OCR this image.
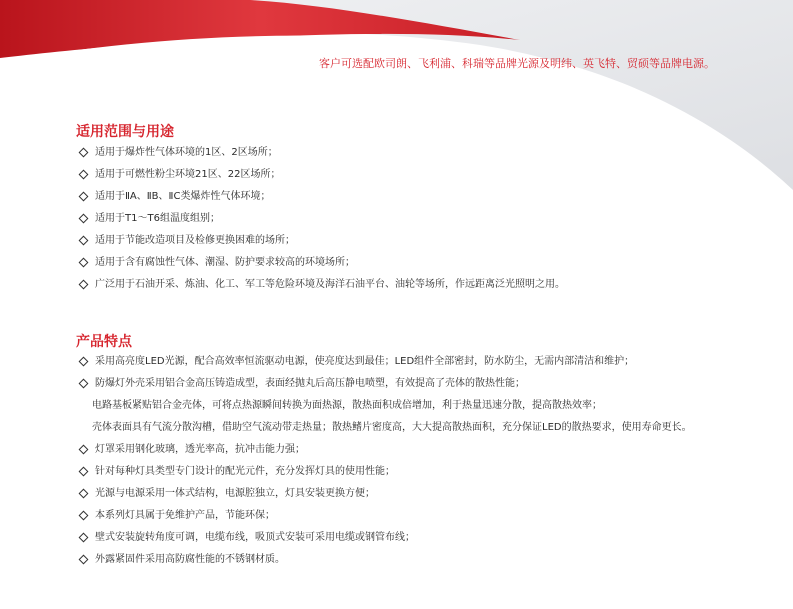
客户可选配欧司朗、飞利浦、科瑞等品牌光源及明纬、英飞特、贸硕等品牌电源。
适用范围与用途
适用于爆炸性气体环境的1区、2区场所；
适用于可燃性粉尘环境21区、22区场所；
适用于ⅡA、ⅡB、ⅡC类爆炸性气体环境；
适用于T1～T6组温度组别；
适用于节能改造项目及检修更换困难的场所；
适用于含有腐蚀性气体、潮湿、防护要求较高的环境场所；
广泛用于石油开采、炼油、化工、军工等危险环境及海洋石油平台、油轮等场所，作远距离泛光照明之用。
产品特点
采用高亮度LED光源，配合高效率恒流驱动电源，使亮度达到最佳；LED组件全部密封，防水防尘，无需内部清洁和维护；
防爆灯外壳采用铝合金高压铸造成型，表面经抛丸后高压静电喷塑，有效提高了壳体的散热性能；
电路基板紧贴铝合金壳体，可将点热源瞬间转换为面热源，散热面积成倍增加，利于热量迅速分散，提高散热效率；
壳体表面具有气流分散沟槽，借助空气流动带走热量；散热鳍片密度高，大大提高散热面积，充分保证LED的散热要求，使用寿命更长。
灯罩采用钢化玻璃，透光率高，抗冲击能力强；
针对每种灯具类型专门设计的配光元件，充分发挥灯具的使用性能；
光源与电源采用一体式结构，电源腔独立，灯具安装更换方便；
本系列灯具属于免维护产品，节能环保；
壁式安装旋转角度可调，电缆布线，吸顶式安装可采用电缆或钢管布线；
外露紧固件采用高防腐性能的不锈钢材质。
